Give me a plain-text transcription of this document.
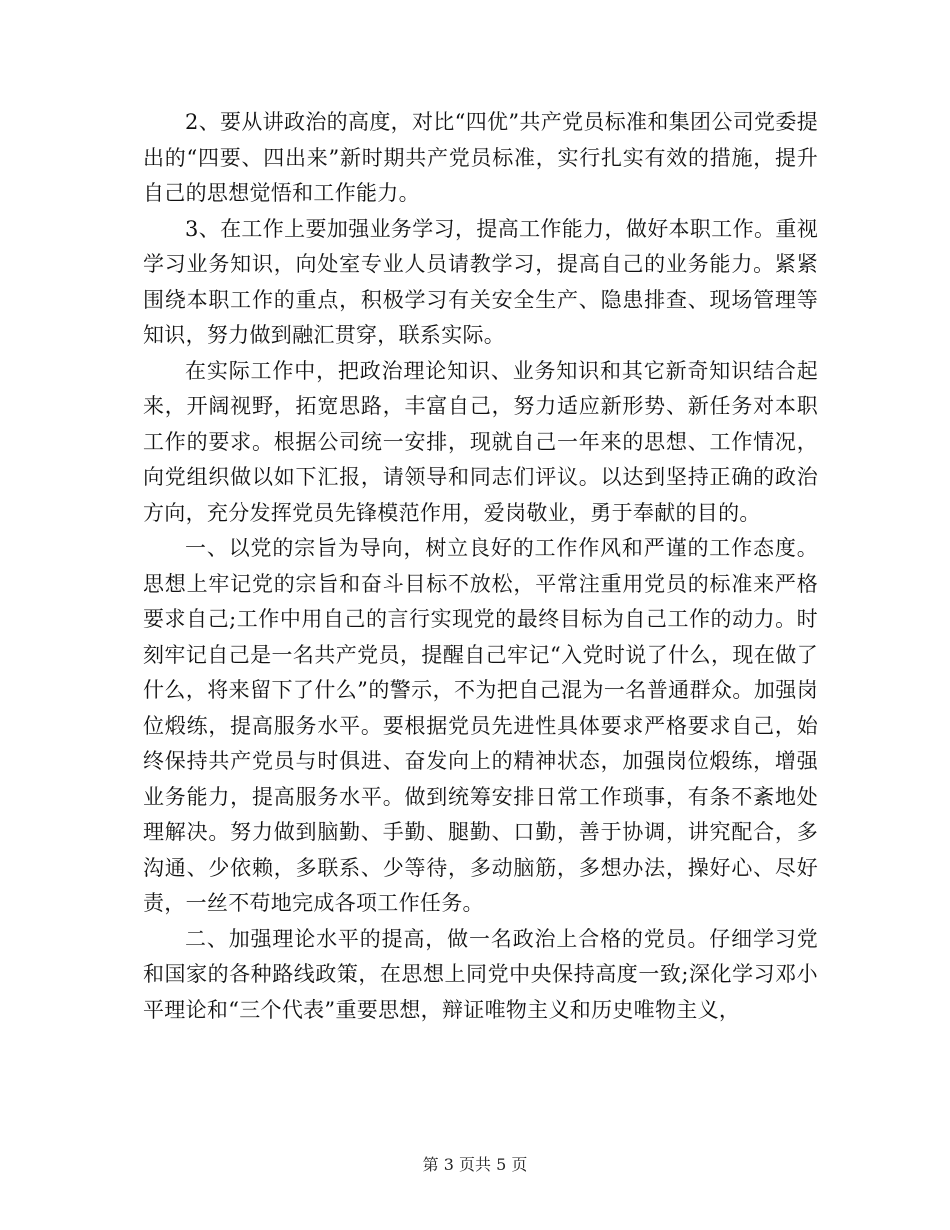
2、要从讲政治的高度，对比“四优”共产党员标准和集团公司党委提出的“四要、四出来”新时期共产党员标准，实行扎实有效的措施，提升自己的思想觉悟和工作能力。

3、在工作上要加强业务学习，提高工作能力，做好本职工作。重视学习业务知识，向处室专业人员请教学习，提高自己的业务能力。紧紧围绕本职工作的重点，积极学习有关安全生产、隐患排查、现场管理等知识，努力做到融汇贯穿，联系实际。

在实际工作中，把政治理论知识、业务知识和其它新奇知识结合起来，开阔视野，拓宽思路，丰富自己，努力适应新形势、新任务对本职工作的要求。根据公司统一安排，现就自己一年来的思想、工作情况，向党组织做以如下汇报，请领导和同志们评议。以达到坚持正确的政治方向，充分发挥党员先锋模范作用，爱岗敬业，勇于奉献的目的。

一、以党的宗旨为导向，树立良好的工作作风和严谨的工作态度。思想上牢记党的宗旨和奋斗目标不放松，平常注重用党员的标准来严格要求自己;工作中用自己的言行实现党的最终目标为自己工作的动力。时刻牢记自己是一名共产党员，提醒自己牢记“入党时说了什么，现在做了什么，将来留下了什么”的警示，不为把自己混为一名普通群众。加强岗位煅练，提高服务水平。要根据党员先进性具体要求严格要求自己，始终保持共产党员与时俱进、奋发向上的精神状态，加强岗位煅练，增强业务能力，提高服务水平。做到统筹安排日常工作琐事，有条不紊地处理解决。努力做到脑勤、手勤、腿勤、口勤，善于协调，讲究配合，多沟通、少依赖，多联系、少等待，多动脑筋，多想办法，操好心、尽好责，一丝不苟地完成各项工作任务。

二、加强理论水平的提高，做一名政治上合格的党员。仔细学习党和国家的各种路线政策，在思想上同党中央保持高度一致;深化学习邓小平理论和“三个代表”重要思想，辩证唯物主义和历史唯物主义，

第 3 页共 5 页
